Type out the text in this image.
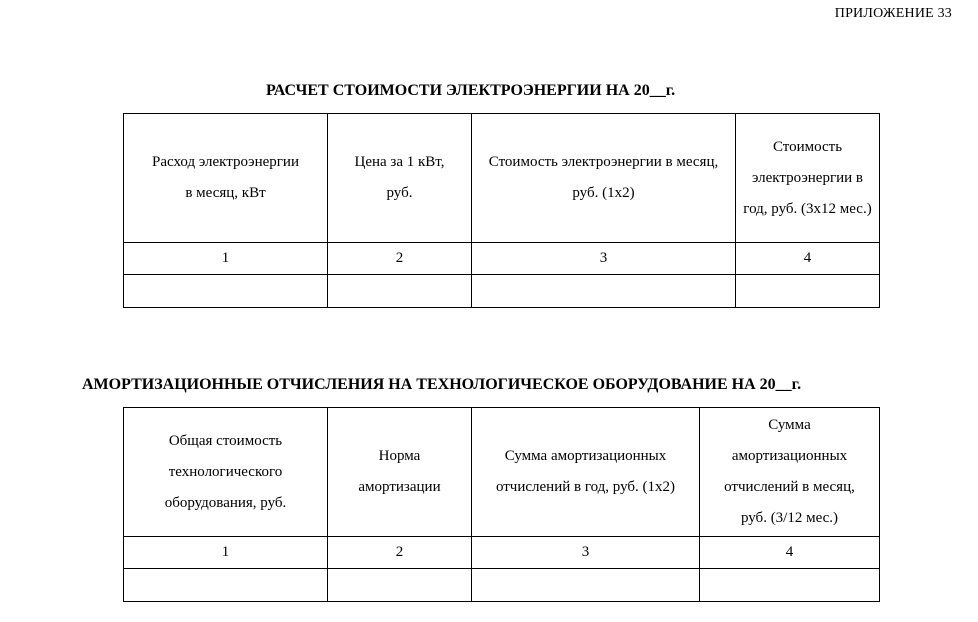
ПРИЛОЖЕНИЕ 33
РАСЧЕТ СТОИМОСТИ ЭЛЕКТРОЭНЕРГИИ НА 20__г.
Расход электроэнергии в месяц, кВт	Цена за 1 кВт, руб.	Стоимость электроэнергии в месяц, руб. (1х2)	Стоимость электроэнергии в год, руб. (3х12 мес.)
1	2	3	4

АМОРТИЗАЦИОННЫЕ ОТЧИСЛЕНИЯ НА ТЕХНОЛОГИЧЕСКОЕ ОБОРУДОВАНИЕ НА 20__г.
Общая стоимость технологического оборудования, руб.	Норма амортизации	Сумма амортизационных отчислений в год, руб. (1х2)	Сумма амортизационных отчислений в месяц, руб. (3/12 мес.)
1	2	3	4
